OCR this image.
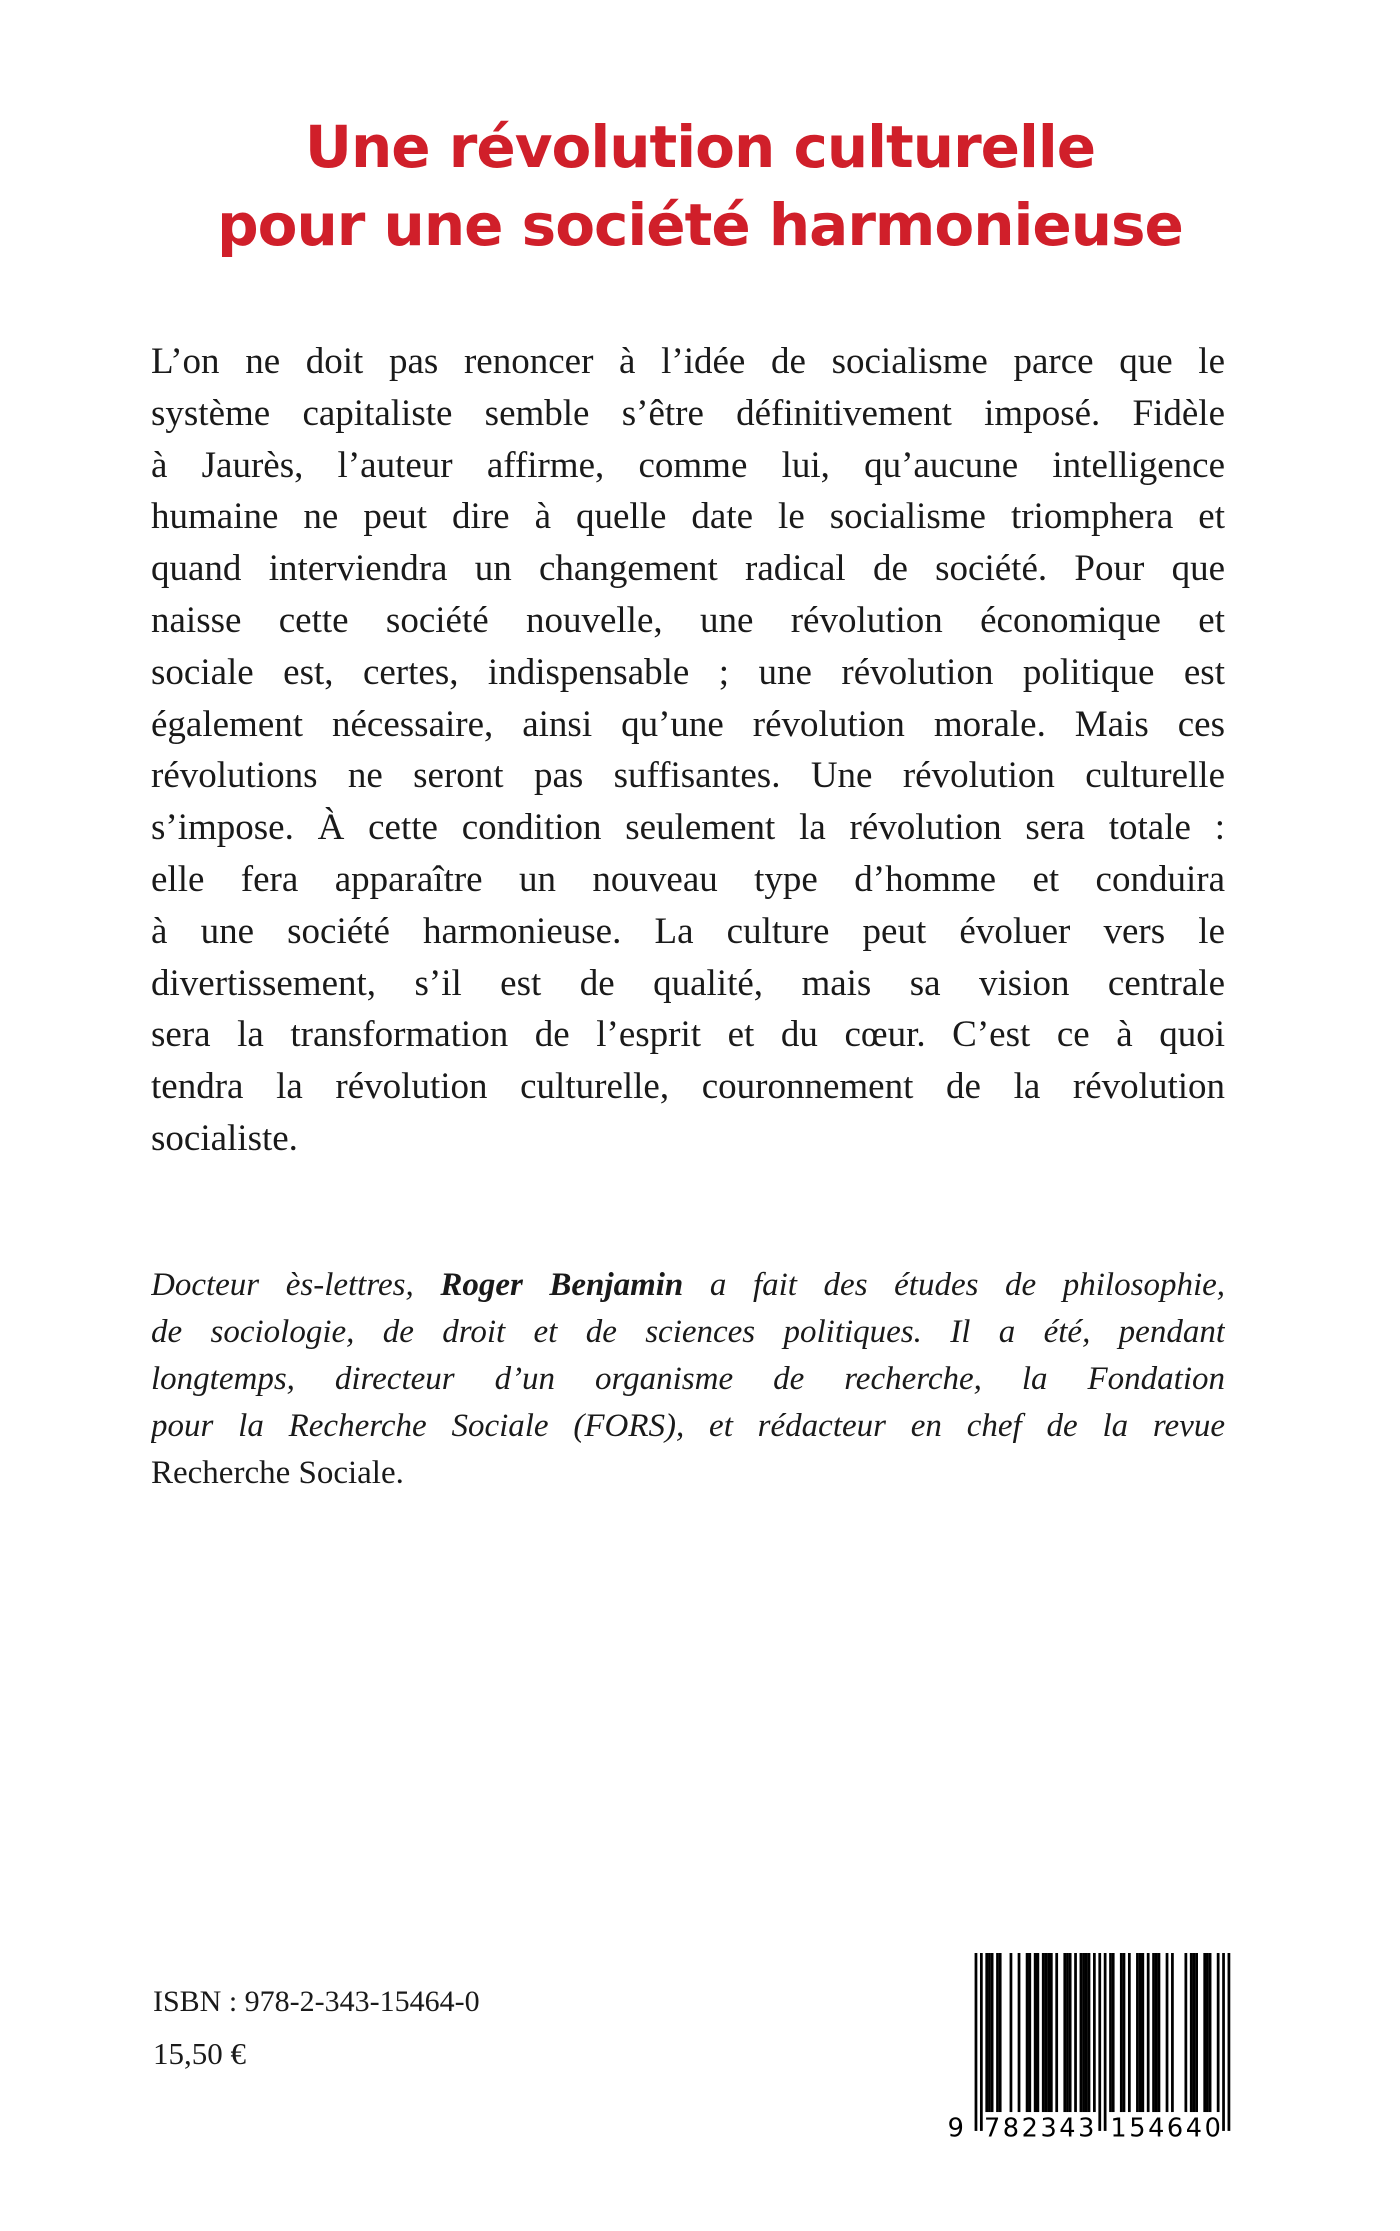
Une révolution culturelle
pour une société harmonieuse
L’on ne doit pas renoncer à l’idée de socialisme parce que le
système capitaliste semble s’être définitivement imposé. Fidèle
à Jaurès, l’auteur affirme, comme lui, qu’aucune intelligence
humaine ne peut dire à quelle date le socialisme triomphera et
quand interviendra un changement radical de société. Pour que
naisse cette société nouvelle, une révolution économique et
sociale est, certes, indispensable ; une révolution politique est
également nécessaire, ainsi qu’une révolution morale. Mais ces
révolutions ne seront pas suffisantes. Une révolution culturelle
s’impose. À cette condition seulement la révolution sera totale :
elle fera apparaître un nouveau type d’homme et conduira
à une société harmonieuse. La culture peut évoluer vers le
divertissement, s’il est de qualité, mais sa vision centrale
sera la transformation de l’esprit et du cœur. C’est ce à quoi
tendra la révolution culturelle, couronnement de la révolution
socialiste.
Docteur ès-lettres, Roger Benjamin a fait des études de philosophie,
de sociologie, de droit et de sciences politiques. Il a été, pendant
longtemps, directeur d’un organisme de recherche, la Fondation
pour la Recherche Sociale (FORS), et rédacteur en chef de la revue
Recherche Sociale.
ISBN : 978-2-343-15464-0
15,50 €
9 7 8 2 3 4 3 1 5 4 6 4 0
